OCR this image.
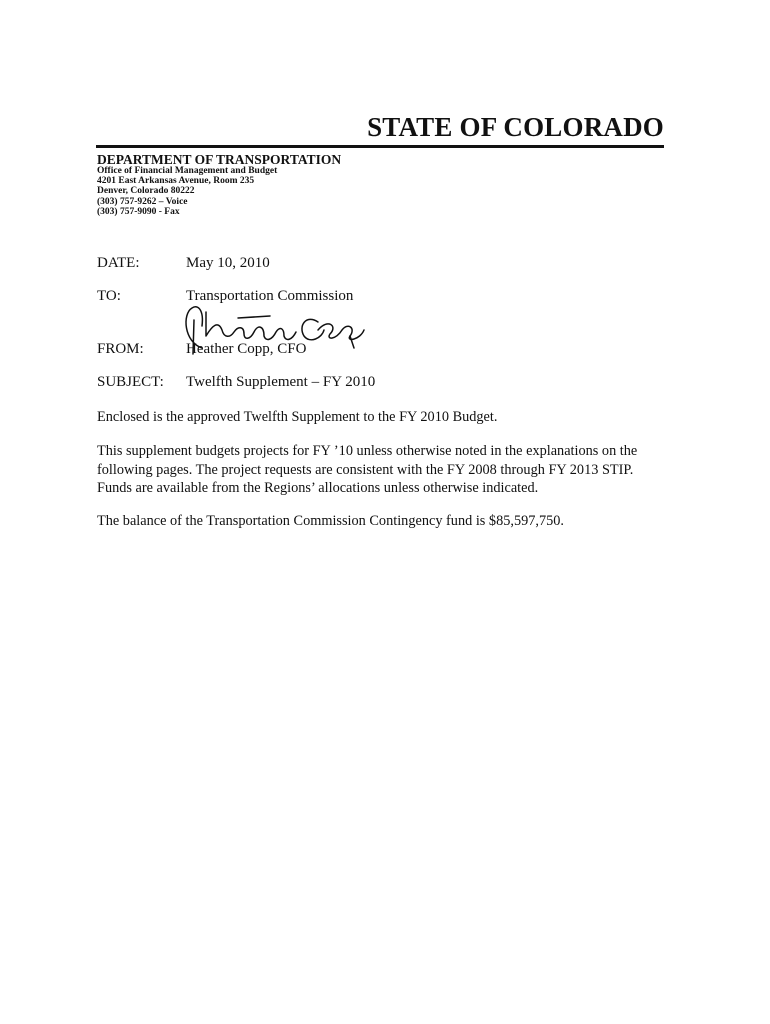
STATE OF COLORADO
DEPARTMENT OF TRANSPORTATION
Office of Financial Management and Budget
4201 East Arkansas Avenue, Room 235
Denver, Colorado 80222
(303) 757-9262 – Voice
(303) 757-9090 - Fax
DATE:	May 10, 2010
TO:	Transportation Commission
FROM:	Heather Copp, CFO
SUBJECT: Twelfth Supplement – FY 2010

Enclosed is the approved Twelfth Supplement to the FY 2010 Budget.

This supplement budgets projects for FY ’10 unless otherwise noted in the explanations on the following pages. The project requests are consistent with the FY 2008 through FY 2013 STIP. Funds are available from the Regions’ allocations unless otherwise indicated.

The balance of the Transportation Commission Contingency fund is $85,597,750.
